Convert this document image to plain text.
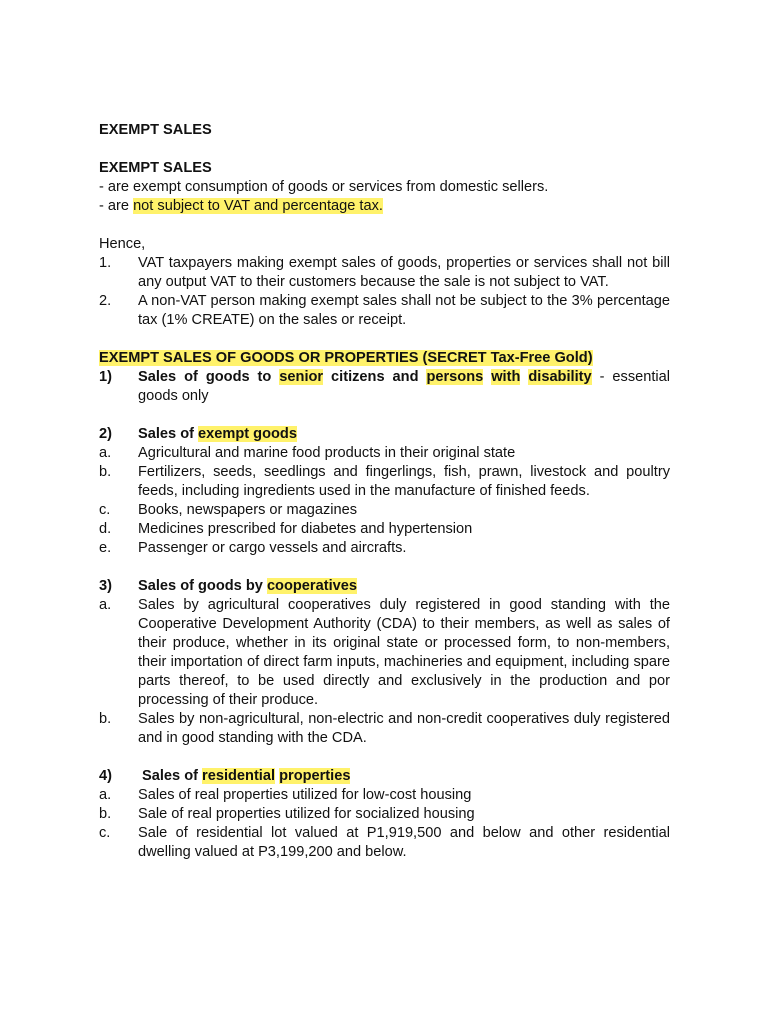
EXEMPT SALES

EXEMPT SALES

- are exempt consumption of goods or services from domestic sellers.

- are not subject to VAT and percentage tax.

Hence,

1.	VAT taxpayers making exempt sales of goods, properties or services shall not bill any output VAT to their customers because the sale is not subject to VAT.
2.	A non-VAT person making exempt sales shall not be subject to the 3% percentage tax (1% CREATE) on the sales or receipt.

EXEMPT SALES OF GOODS OR PROPERTIES (SECRET Tax-Free Gold)

1)	Sales of goods to senior citizens and persons with disability - essential goods only
2)	Sales of exempt goods
a.	Agricultural and marine food products in their original state
b.	Fertilizers, seeds, seedlings and fingerlings, fish, prawn, livestock and poultry feeds, including ingredients used in the manufacture of finished feeds.
c.	Books, newspapers or magazines
d.	Medicines prescribed for diabetes and hypertension
e.	Passenger or cargo vessels and aircrafts.
3)	Sales of goods by cooperatives
a.	Sales by agricultural cooperatives duly registered in good standing with the Cooperative Development Authority (CDA) to their members, as well as sales of their produce, whether in its original state or processed form, to non-members, their importation of direct farm inputs, machineries and equipment, including spare parts thereof, to be used directly and exclusively in the production and por processing of their produce.
b.	Sales by non-agricultural, non-electric and non-credit cooperatives duly registered and in good standing with the CDA.
4)	Sales of residential properties
a.	Sales of real properties utilized for low-cost housing
b.	Sale of real properties utilized for socialized housing
c.	Sale of residential lot valued at P1,919,500 and below and other residential dwelling valued at P3,199,200 and below.
